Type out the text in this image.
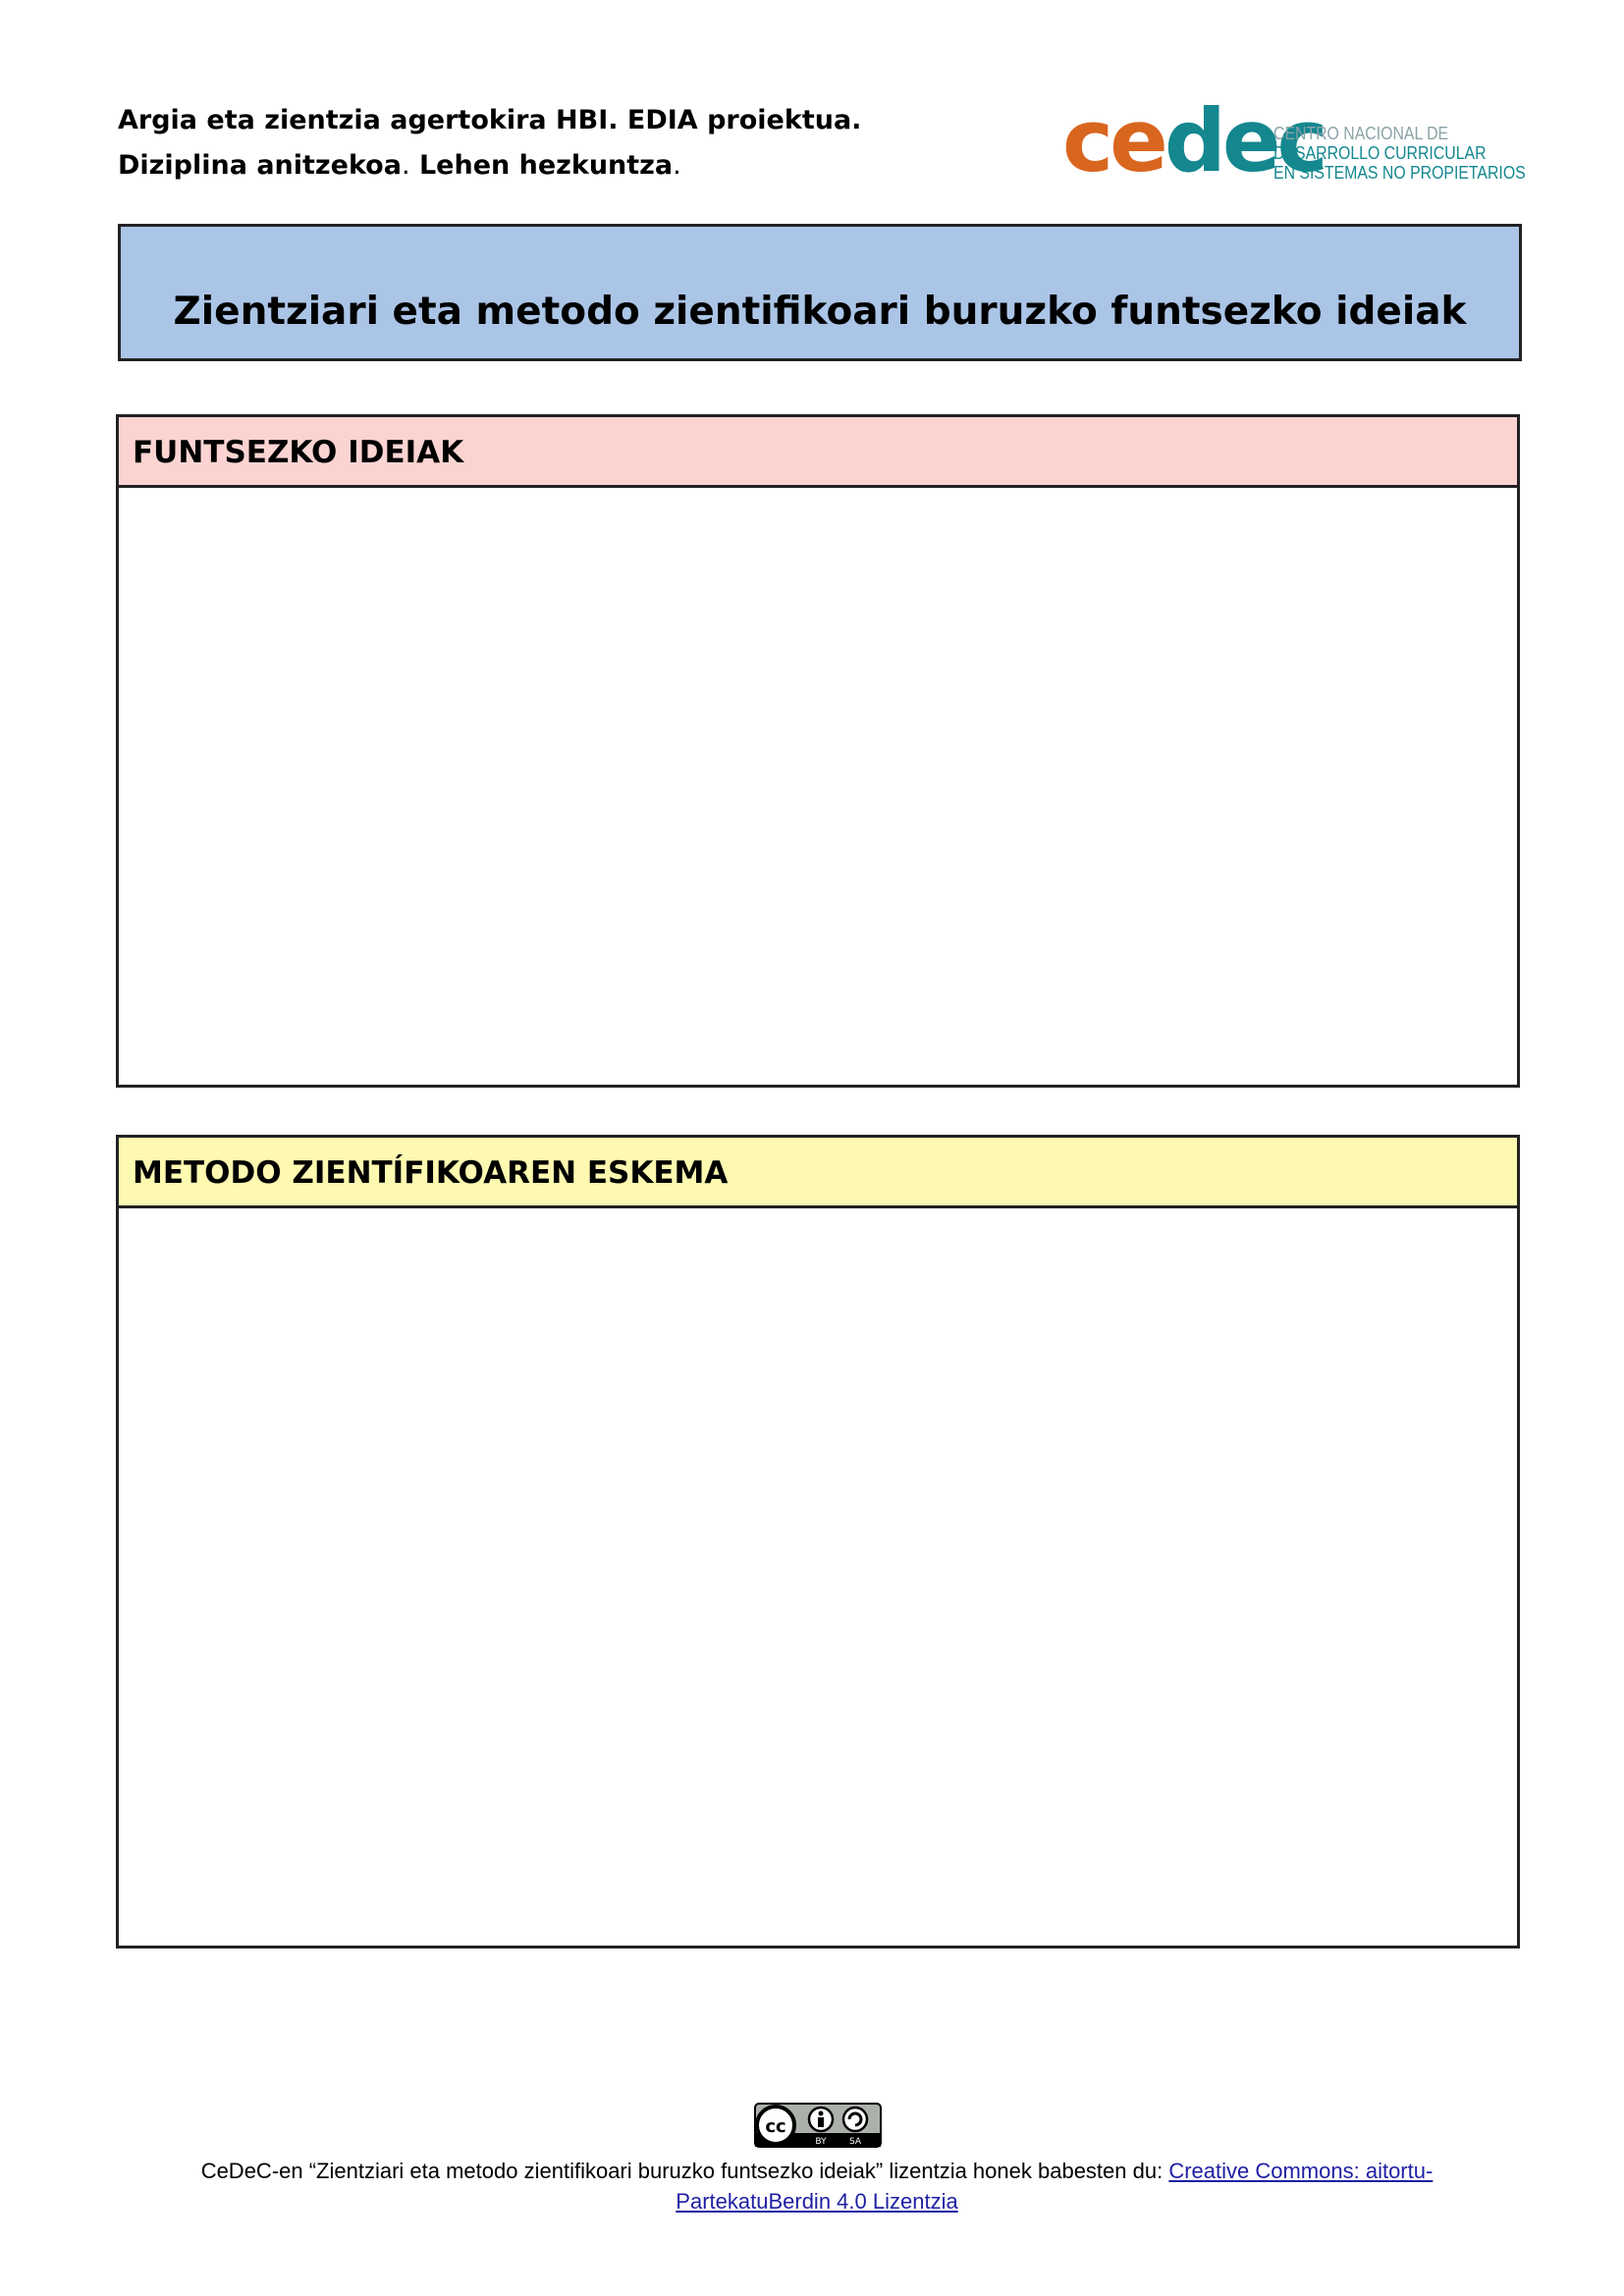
Argia eta zientzia agertokira HBI. EDIA proiektua.
Diziplina anitzekoa. Lehen hezkuntza.	cedec
CENTRO NACIONAL DE
DESARROLLO CURRICULAR
EN SISTEMAS NO PROPIETARIOS
Zientziari eta metodo zientifikoari buruzko funtsezko ideiak
FUNTSEZKO IDEIAK
METODO ZIENTÍFIKOAREN ESKEMA
cc
BY	SA
CeDeC-en “Zientziari eta metodo zientifikoari buruzko funtsezko ideiak” lizentzia honek babesten du: Creative Commons: aitortu-PartekatuBerdin 4.0 Lizentzia
